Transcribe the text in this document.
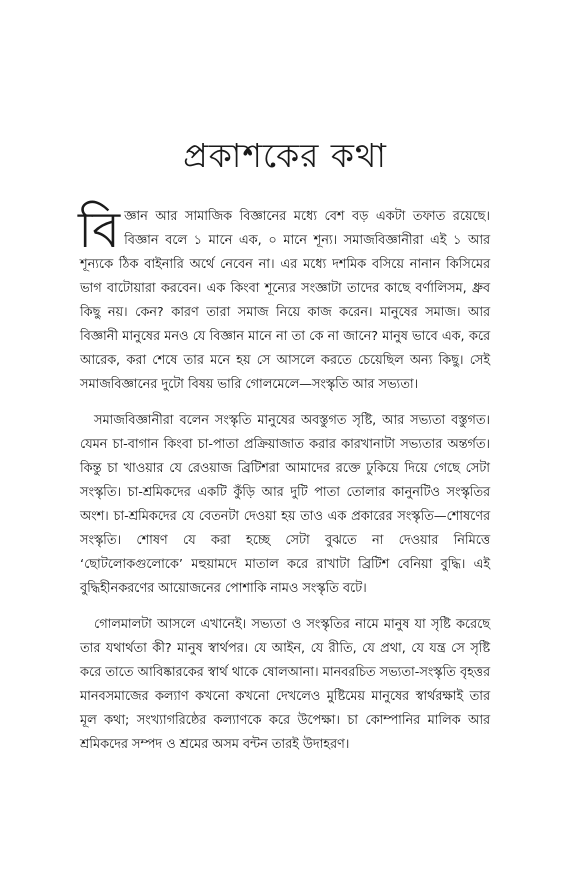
প্রকাশকের কথা

বিজ্ঞান আর সামাজিক বিজ্ঞানের মধ্যে বেশ বড় একটা তফাত রয়েছে। বিজ্ঞান বলে ১ মানে এক, ০ মানে শূন্য। সমাজবিজ্ঞানীরা এই ১ আর শূন্যকে ঠিক বাইনারি অর্থে নেবেন না। এর মধ্যে দশমিক বসিয়ে নানান কিসিমের ভাগ বাটোয়ারা করবেন। এক কিংবা শূন্যের সংজ্ঞাটা তাদের কাছে বর্ণালিসম, ধ্রুব কিছু নয়। কেন? কারণ তারা সমাজ নিয়ে কাজ করেন। মানুষের সমাজ। আর বিজ্ঞানী মানুষের মনও যে বিজ্ঞান মানে না তা কে না জানে? মানুষ ভাবে এক, করে আরেক, করা শেষে তার মনে হয় সে আসলে করতে চেয়েছিল অন্য কিছু। সেই সমাজবিজ্ঞানের দুটো বিষয় ভারি গোলমেলে—সংস্কৃতি আর সভ্যতা।

সমাজবিজ্ঞানীরা বলেন সংস্কৃতি মানুষের অবস্তুগত সৃষ্টি, আর সভ্যতা বস্তুগত। যেমন চা-বাগান কিংবা চা-পাতা প্রক্রিয়াজাত করার কারখানাটা সভ্যতার অন্তর্গত। কিন্তু চা খাওয়ার যে রেওয়াজ ব্রিটিশরা আমাদের রক্তে ঢুকিয়ে দিয়ে গেছে সেটা সংস্কৃতি। চা-শ্রমিকদের একটি কুঁড়ি আর দুটি পাতা তোলার কানুনটিও সংস্কৃতির অংশ। চা-শ্রমিকদের যে বেতনটা দেওয়া হয় তাও এক প্রকারের সংস্কৃতি—শোষণের সংস্কৃতি। শোষণ যে করা হচ্ছে সেটা বুঝতে না দেওয়ার নিমিত্তে ‘ছোটলোকগুলোকে’ মহুয়ামদে মাতাল করে রাখাটা ব্রিটিশ বেনিয়া বুদ্ধি। এই বুদ্ধিহীনকরণের আয়োজনের পোশাকি নামও সংস্কৃতি বটে।

গোলমালটা আসলে এখানেই। সভ্যতা ও সংস্কৃতির নামে মানুষ যা সৃষ্টি করেছে তার যথার্থতা কী? মানুষ স্বার্থপর। যে আইন, যে রীতি, যে প্রথা, যে যন্ত্র সে সৃষ্টি করে তাতে আবিষ্কারকের স্বার্থ থাকে ষোলআনা। মানবরচিত সভ্যতা-সংস্কৃতি বৃহত্তর মানবসমাজের কল্যাণ কখনো কখনো দেখলেও মুষ্টিমেয় মানুষের স্বার্থরক্ষাই তার মূল কথা; সংখ্যাগরিষ্ঠের কল্যাণকে করে উপেক্ষা। চা কোম্পানির মালিক আর শ্রমিকদের সম্পদ ও শ্রমের অসম বন্টন তারই উদাহরণ।
